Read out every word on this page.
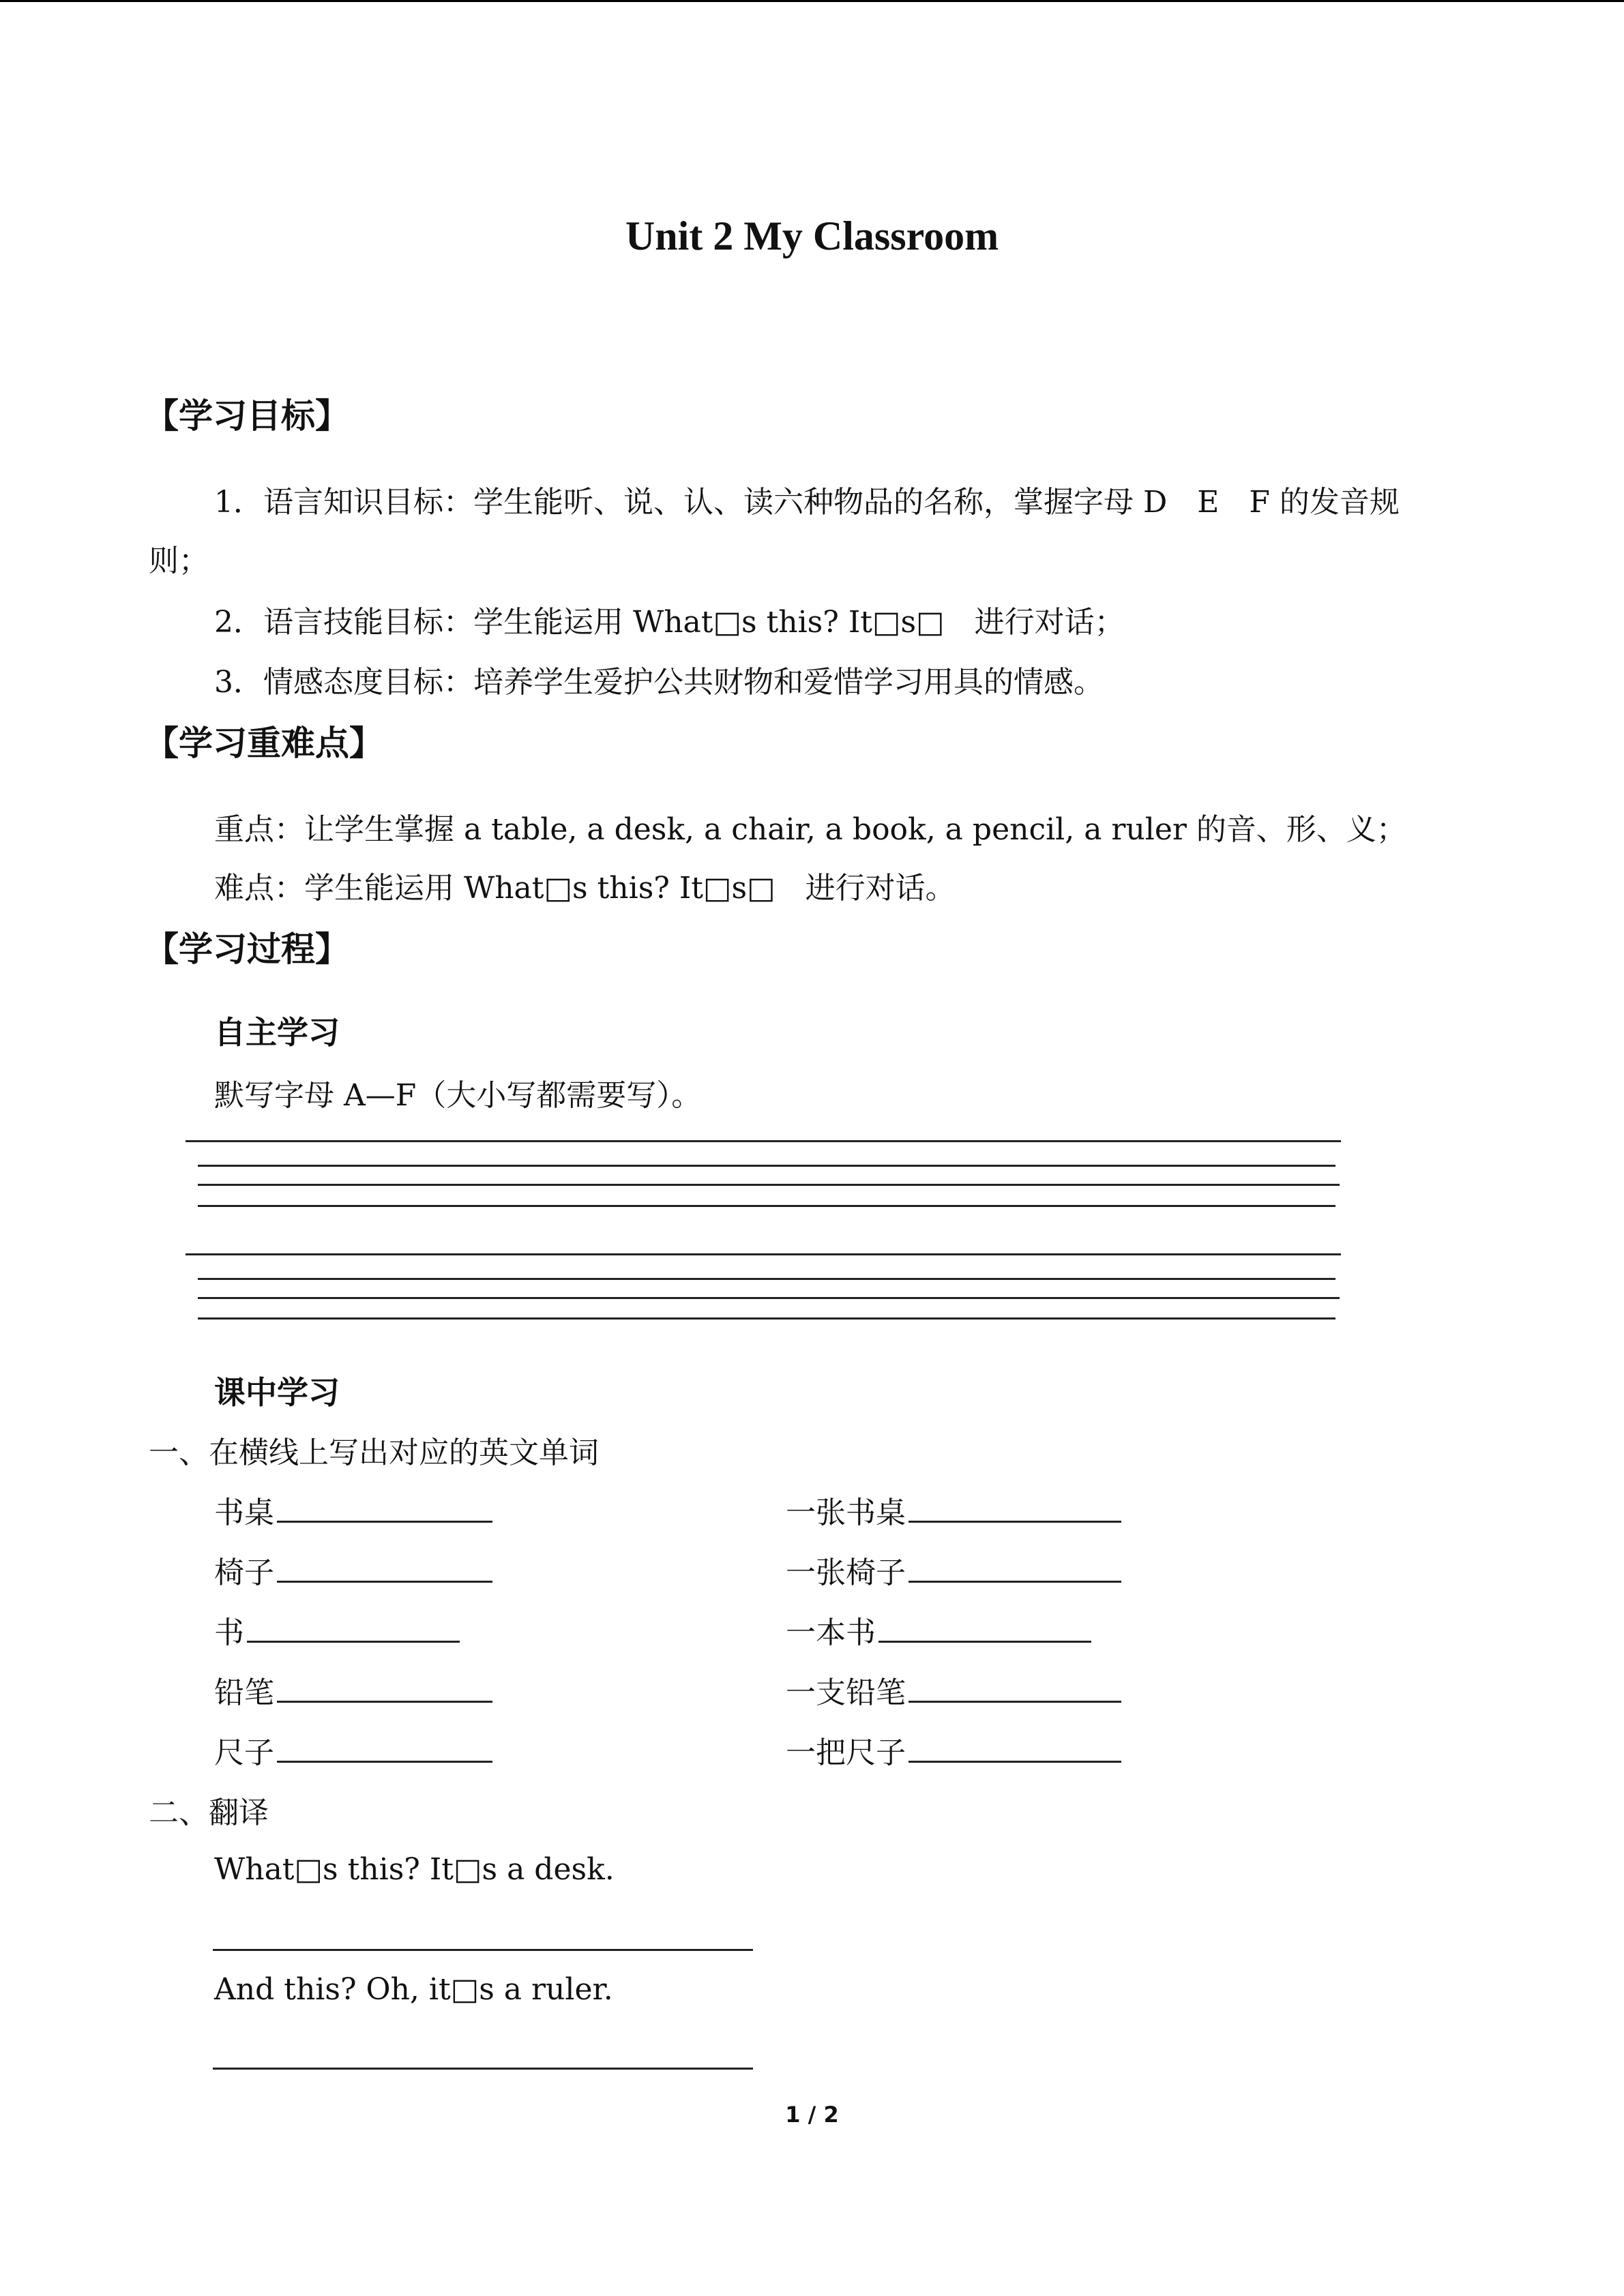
Unit 2 My Classroom
【学习目标】
1．语言知识目标：学生能听、说、认、读六种物品的名称，掌握字母 D　E　F 的发音规
则；
2．语言技能目标：学生能运用 What□s this? It□s□　进行对话；
3．情感态度目标：培养学生爱护公共财物和爱惜学习用具的情感。
【学习重难点】
重点：让学生掌握 a table, a desk, a chair, a book, a pencil, a ruler 的音、形、义；
难点：学生能运用 What□s this? It□s□　进行对话。
【学习过程】
自主学习
默写字母 A—F（大小写都需要写）。
课中学习
一、在横线上写出对应的英文单词
书桌	一张书桌
椅子	一张椅子
书	一本书
铅笔	一支铅笔
尺子	一把尺子
二、翻译
What□s this? It□s a desk.
And this? Oh, it□s a ruler.
1 / 2
